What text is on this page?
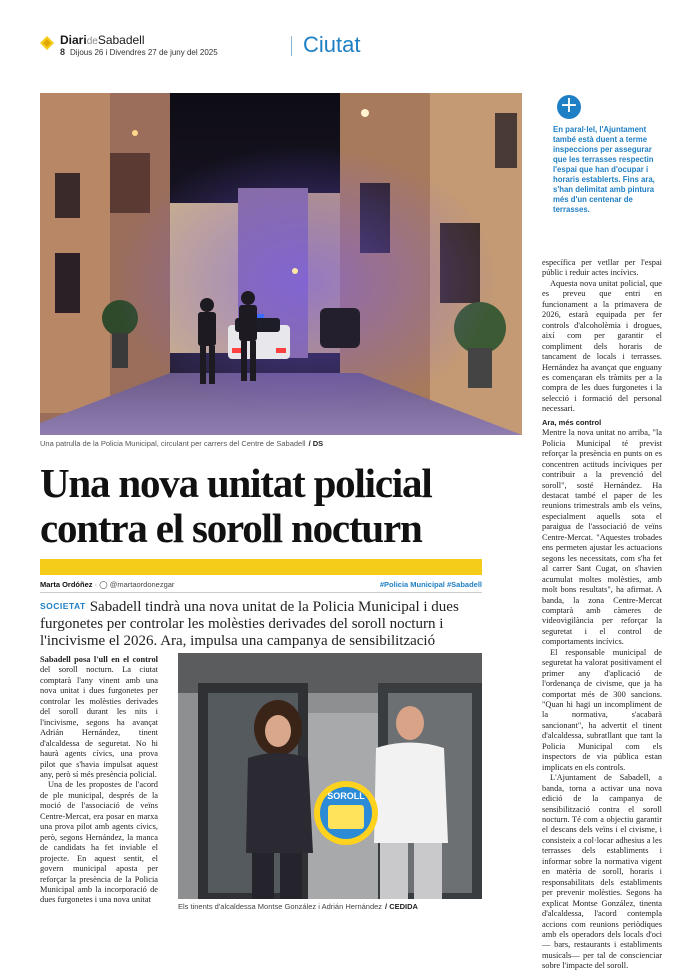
DiarideSabadell
8 Dijous 26 i Divendres 27 de juny del 2025	Ciutat
Una patrulla de la Policia Municipal, circulant per carrers del Centre de Sabadell / DS
+
En paral·lel, l'Ajuntament també està duent a terme inspeccions per assegurar que les terrasses respectin l'espai que han d'ocupar i horaris establerts. Fins ara, s'han delimitat amb pintura més d'un centenar de terrasses.
Una nova unitat policial
contra el soroll nocturn
Marta Ordóñez · ◯ @martaordonezgar	#Policia Municipal #Sabadell
SOCIETAT Sabadell tindrà una nova unitat de la Policia Municipal i dues furgonetes per controlar les molèsties derivades del soroll nocturn i l'incivisme el 2026. Ara, impulsa una campanya de sensibilització

Sabadell posa l'ull en el control del soroll nocturn. La ciutat comptarà l'any vinent amb una nova unitat i dues furgonetes per controlar les molèsties derivades del soroll durant les nits i l'incivisme, segons ha avançat Adrián Hernández, tinent d'alcaldessa de seguretat. No hi haurà agents cívics, una prova pilot que s'havia impulsat aquest any, però sí més presència policial.

Una de les propostes de l'acord de ple municipal, després de la moció de l'associació de veïns Centre-Mercat, era posar en marxa una prova pilot amb agents cívics, però, segons Hernández, la manca de candidats ha fet inviable el projecte. En aquest sentit, el govern municipal aposta per reforçar la presència de la Policia Municipal amb la incorporació de dues furgonetes i una nova unitat

SOROLL
Els tinents d'alcaldessa Montse González i Adrián Hernández / CEDIDA

específica per vetllar per l'espai públic i reduir actes incívics.

Aquesta nova unitat policial, que es preveu que entri en funcionament a la primavera de 2026, estarà equipada per fer controls d'alcoholèmia i drogues, així com per garantir el compliment dels horaris de tancament de locals i terrasses. Hernández ha avançat que enguany es començaran els tràmits per a la compra de les dues furgonetes i la selecció i formació del personal necessari.

Ara, més control

Mentre la nova unitat no arriba, "la Policia Municipal té previst reforçar la presència en punts on es concentren actituds incíviques per contribuir a la prevenció del soroll", sosté Hernández. Ha destacat també el paper de les reunions trimestrals amb els veïns, especialment aquells sota el paraigua de l'associació de veïns Centre-Mercat. "Aquestes trobades ens permeten ajustar les actuacions segons les necessitats, com s'ha fet al carrer Sant Cugat, on s'havien acumulat moltes molèsties, amb molt bons resultats", ha afirmat. A banda, la zona Centre-Mercat comptarà amb càmeres de videovigilància per reforçar la seguretat i el control de comportaments incívics.

El responsable municipal de seguretat ha valorat positivament el primer any d'aplicació de l'ordenança de civisme, que ja ha comportat més de 300 sancions. "Quan hi hagi un incompliment de la normativa, s'acabarà sancionant", ha advertit el tinent d'alcaldessa, subratllant que tant la Policia Municipal com els inspectors de via pública estan implicats en els controls.

L'Ajuntament de Sabadell, a banda, torna a activar una nova edició de la campanya de sensibilització contra el soroll nocturn. Té com a objectiu garantir el descans dels veïns i el civisme, i consisteix a col·locar adhesius a les terrasses dels establiments i informar sobre la normativa vigent en matèria de soroll, horaris i responsabilitats dels establiments per prevenir molèsties. Segons ha explicat Montse González, tinenta d'alcaldessa, l'acord contempla accions com reunions periòdiques amb els operadors dels locals d'oci — bars, restaurants i establiments musicals— per tal de conscienciar sobre l'impacte del soroll.
